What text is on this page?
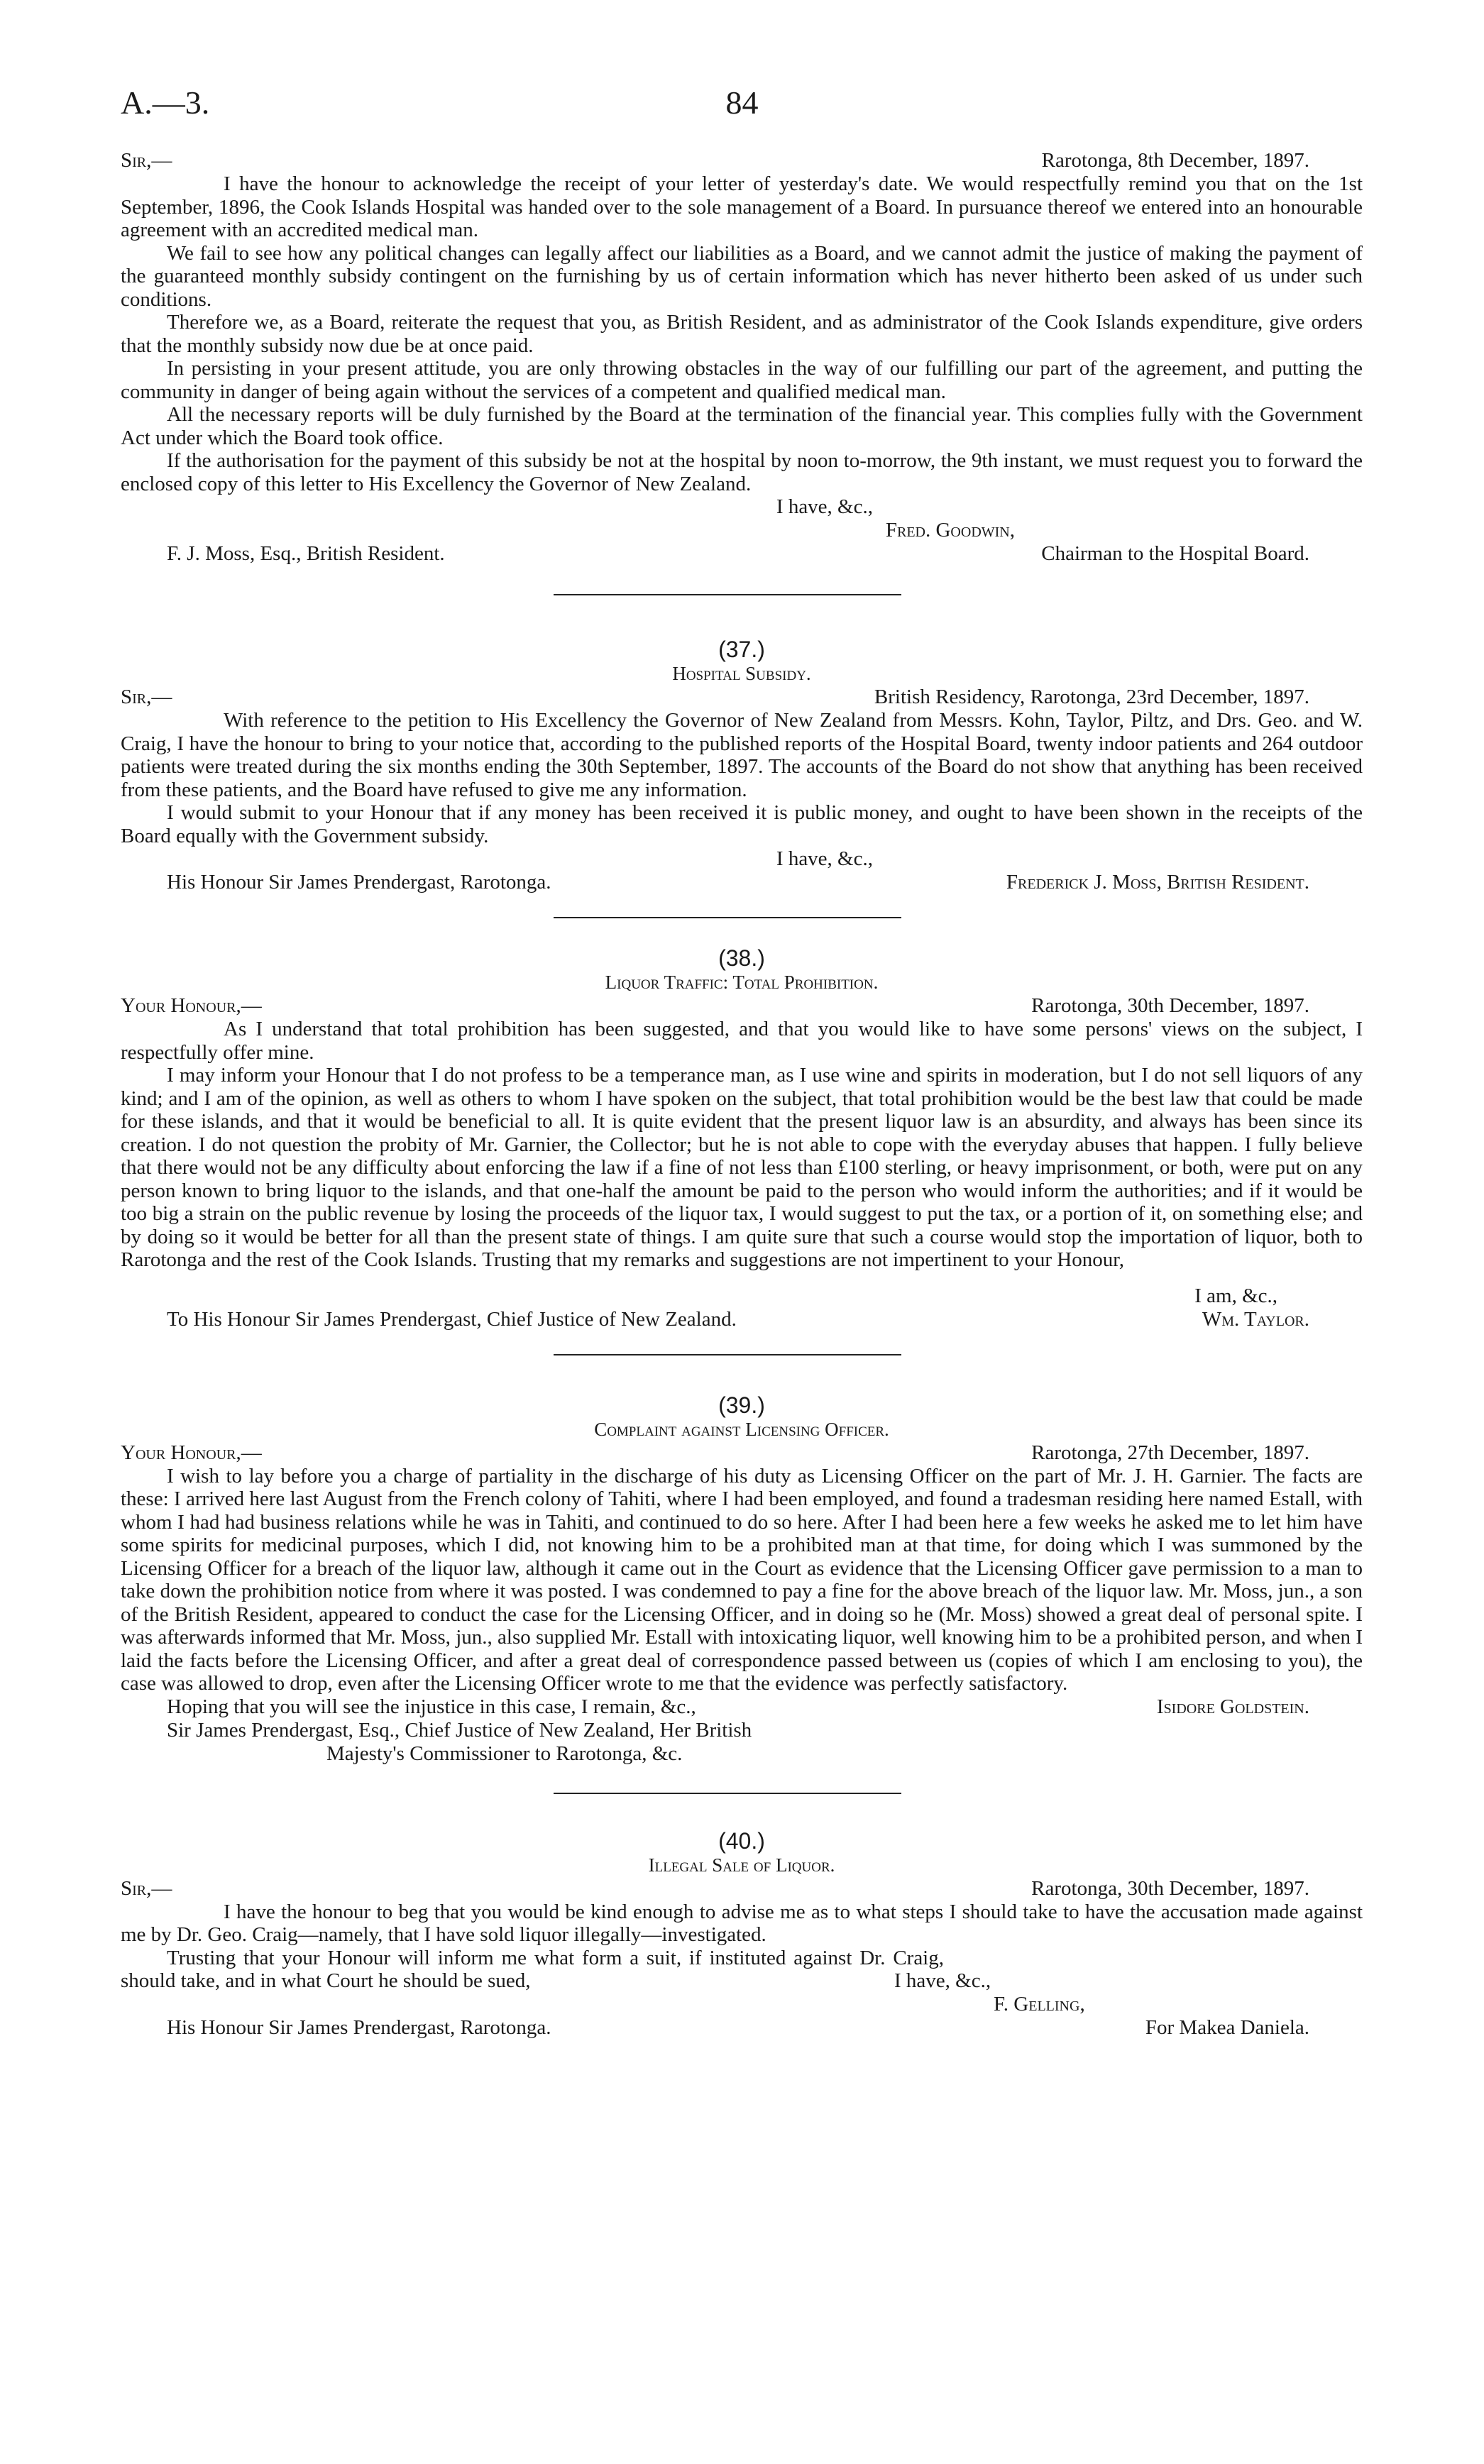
A.—3.	84
Sir,—	Rarotonga, 8th December, 1897.

I have the honour to acknowledge the receipt of your letter of yesterday's date. We would respectfully remind you that on the 1st September, 1896, the Cook Islands Hospital was handed over to the sole management of a Board. In pursuance thereof we entered into an honourable agreement with an accredited medical man.

We fail to see how any political changes can legally affect our liabilities as a Board, and we cannot admit the justice of making the payment of the guaranteed monthly subsidy contingent on the furnishing by us of certain information which has never hitherto been asked of us under such conditions.

Therefore we, as a Board, reiterate the request that you, as British Resident, and as administrator of the Cook Islands expenditure, give orders that the monthly subsidy now due be at once paid.

In persisting in your present attitude, you are only throwing obstacles in the way of our fulfilling our part of the agreement, and putting the community in danger of being again without the services of a competent and qualified medical man.

All the necessary reports will be duly furnished by the Board at the termination of the financial year. This complies fully with the Government Act under which the Board took office.

If the authorisation for the payment of this subsidy be not at the hospital by noon to-morrow, the 9th instant, we must request you to forward the enclosed copy of this letter to His Excellency the Governor of New Zealand.

I have, &c.,
Fred. Goodwin,
F. J. Moss, Esq., British Resident.	Chairman to the Hospital Board.
(37.)
Hospital Subsidy.
Sir,—	British Residency, Rarotonga, 23rd December, 1897.

With reference to the petition to His Excellency the Governor of New Zealand from Messrs. Kohn, Taylor, Piltz, and Drs. Geo. and W. Craig, I have the honour to bring to your notice that, according to the published reports of the Hospital Board, twenty indoor patients and 264 outdoor patients were treated during the six months ending the 30th September, 1897. The accounts of the Board do not show that anything has been received from these patients, and the Board have refused to give me any information.

I would submit to your Honour that if any money has been received it is public money, and ought to have been shown in the receipts of the Board equally with the Government subsidy.

I have, &c.,
His Honour Sir James Prendergast, Rarotonga.	Frederick J. Moss, British Resident.
(38.)
Liquor Traffic: Total Prohibition.
Your Honour,—	Rarotonga, 30th December, 1897.

As I understand that total prohibition has been suggested, and that you would like to have some persons' views on the subject, I respectfully offer mine.

I may inform your Honour that I do not profess to be a temperance man, as I use wine and spirits in moderation, but I do not sell liquors of any kind; and I am of the opinion, as well as others to whom I have spoken on the subject, that total prohibition would be the best law that could be made for these islands, and that it would be beneficial to all. It is quite evident that the present liquor law is an absurdity, and always has been since its creation. I do not question the probity of Mr. Garnier, the Collector; but he is not able to cope with the everyday abuses that happen. I fully believe that there would not be any difficulty about enforcing the law if a fine of not less than £100 sterling, or heavy imprisonment, or both, were put on any person known to bring liquor to the islands, and that one-half the amount be paid to the person who would inform the authorities; and if it would be too big a strain on the public revenue by losing the proceeds of the liquor tax, I would suggest to put the tax, or a portion of it, on something else; and by doing so it would be better for all than the present state of things. I am quite sure that such a course would stop the importation of liquor, both to Rarotonga and the rest of the Cook Islands. Trusting that my remarks and suggestions are not impertinent to your Honour,

I am, &c.,
To His Honour Sir James Prendergast, Chief Justice of New Zealand.	Wm. Taylor.
(39.)
Complaint against Licensing Officer.
Your Honour,—	Rarotonga, 27th December, 1897.

I wish to lay before you a charge of partiality in the discharge of his duty as Licensing Officer on the part of Mr. J. H. Garnier. The facts are these: I arrived here last August from the French colony of Tahiti, where I had been employed, and found a tradesman residing here named Estall, with whom I had had business relations while he was in Tahiti, and continued to do so here. After I had been here a few weeks he asked me to let him have some spirits for medicinal purposes, which I did, not knowing him to be a prohibited man at that time, for doing which I was summoned by the Licensing Officer for a breach of the liquor law, although it came out in the Court as evidence that the Licensing Officer gave permission to a man to take down the prohibition notice from where it was posted. I was condemned to pay a fine for the above breach of the liquor law. Mr. Moss, jun., a son of the British Resident, appeared to conduct the case for the Licensing Officer, and in doing so he (Mr. Moss) showed a great deal of personal spite. I was afterwards informed that Mr. Moss, jun., also supplied Mr. Estall with intoxicating liquor, well knowing him to be a prohibited person, and when I laid the facts before the Licensing Officer, and after a great deal of correspondence passed between us (copies of which I am enclosing to you), the case was allowed to drop, even after the Licensing Officer wrote to me that the evidence was perfectly satisfactory.

Hoping that you will see the injustice in this case, I remain, &c.,	Isidore Goldstein.
Sir James Prendergast, Esq., Chief Justice of New Zealand, Her British
Majesty's Commissioner to Rarotonga, &c.
(40.)
Illegal Sale of Liquor.
Sir,—	Rarotonga, 30th December, 1897.

I have the honour to beg that you would be kind enough to advise me as to what steps I should take to have the accusation made against me by Dr. Geo. Craig—namely, that I have sold liquor illegally—investigated.

Trusting that your Honour will inform me what form a suit, if instituted against Dr. Craig, should take, and in what Court he should be sued,	I have, &c.,
F. Gelling,
His Honour Sir James Prendergast, Rarotonga.	For Makea Daniela.
